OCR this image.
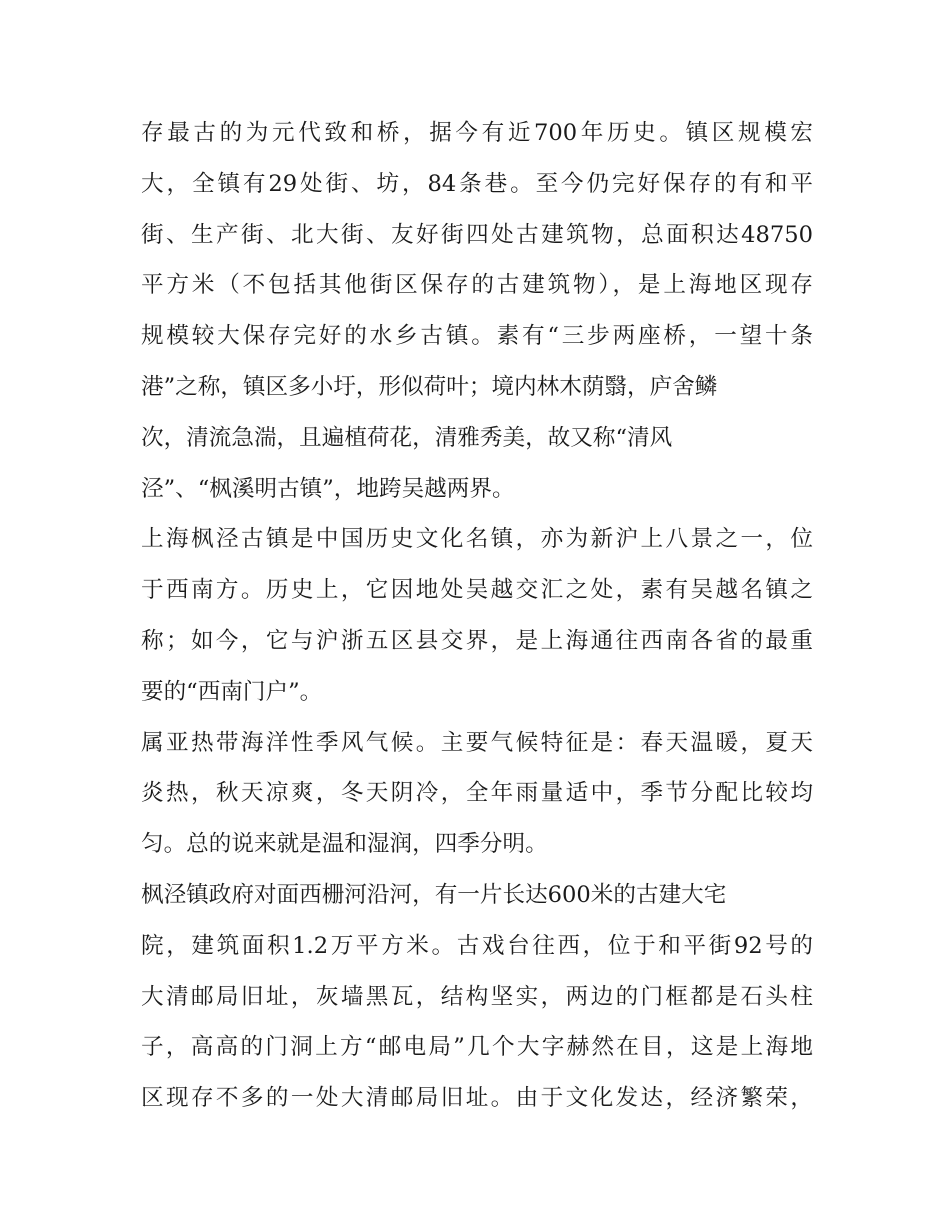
存最古的为元代致和桥，据今有近700年历史。镇区规模宏
大，全镇有29处街、坊，84条巷。至今仍完好保存的有和平
街、生产街、北大街、友好街四处古建筑物，总面积达48750
平方米（不包括其他街区保存的古建筑物），是上海地区现存
规模较大保存完好的水乡古镇。素有“三步两座桥，一望十条
港”之称，镇区多小圩，形似荷叶；境内林木荫翳，庐舍鳞
次，清流急湍，且遍植荷花，清雅秀美，故又称“清风
泾”、“枫溪明古镇”，地跨吴越两界。
上海枫泾古镇是中国历史文化名镇，亦为新沪上八景之一，位
于西南方。历史上，它因地处吴越交汇之处，素有吴越名镇之
称；如今，它与沪浙五区县交界，是上海通往西南各省的最重
要的“西南门户”。
属亚热带海洋性季风气候。主要气候特征是：春天温暖，夏天
炎热，秋天凉爽，冬天阴冷，全年雨量适中，季节分配比较均
匀。总的说来就是温和湿润，四季分明。
枫泾镇政府对面西栅河沿河，有一片长达600米的古建大宅
院，建筑面积1.2万平方米。古戏台往西，位于和平街92号的
大清邮局旧址，灰墙黑瓦，结构坚实，两边的门框都是石头柱
子，高高的门洞上方“邮电局”几个大字赫然在目，这是上海地
区现存不多的一处大清邮局旧址。由于文化发达，经济繁荣，
